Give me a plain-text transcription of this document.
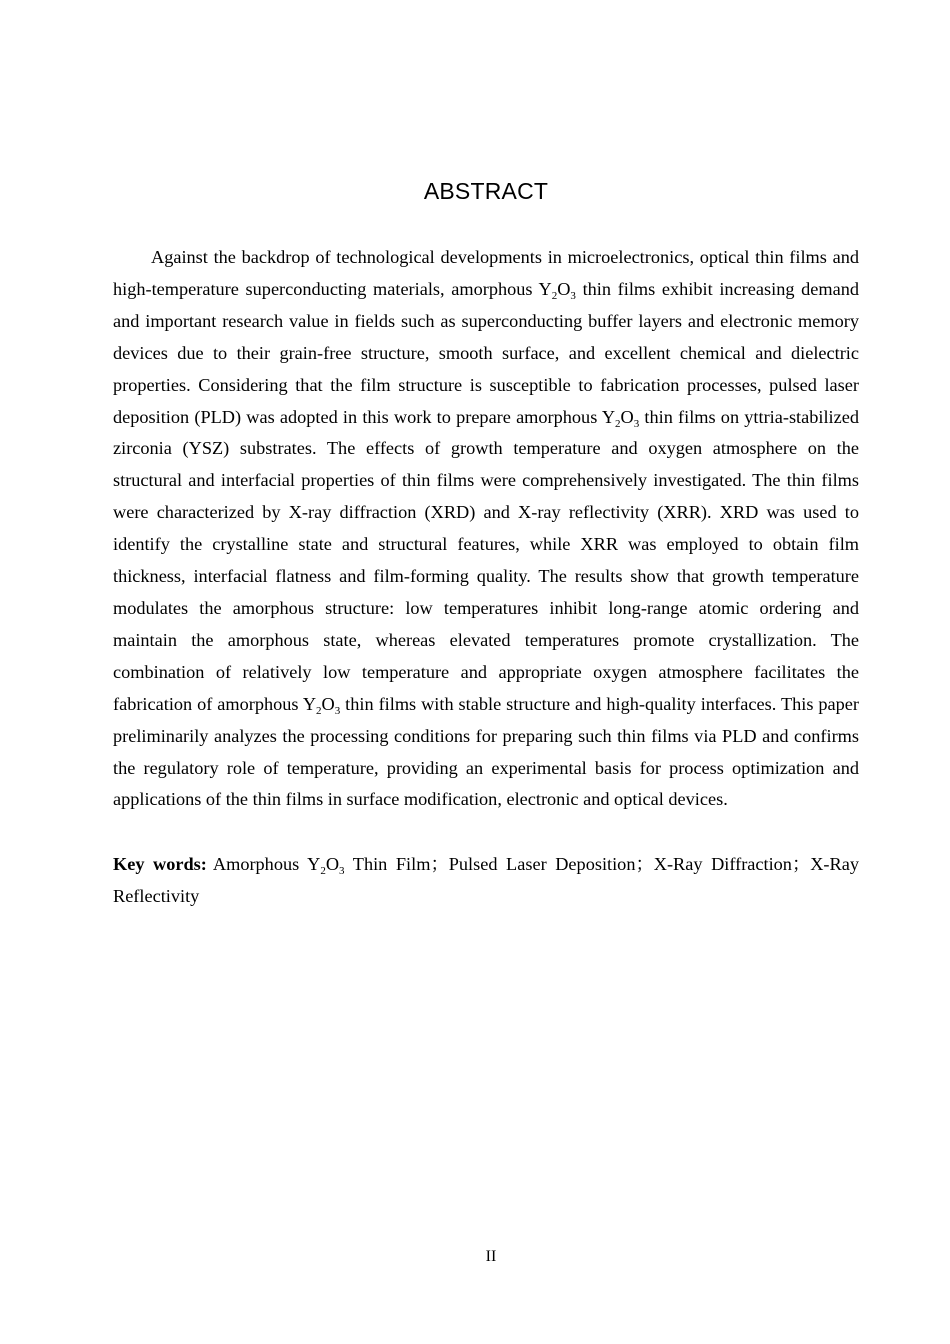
ABSTRACT

Against the backdrop of technological developments in microelectronics, optical thin films and high-temperature superconducting materials, amorphous $Y_2O_3$ thin films exhibit increasing demand and important research value in fields such as superconducting buffer layers and electronic memory devices due to their grain-free structure, smooth surface, and excellent chemical and dielectric properties. Considering that the film structure is susceptible to fabrication processes, pulsed laser deposition (PLD) was adopted in this work to prepare amorphous $Y_2O_3$ thin films on yttria-stabilized zirconia (YSZ) substrates. The effects of growth temperature and oxygen atmosphere on the structural and interfacial properties of thin films were comprehensively investigated. The thin films were characterized by X-ray diffraction (XRD) and X-ray reflectivity (XRR). XRD was used to identify the crystalline state and structural features, while XRR was employed to obtain film thickness, interfacial flatness and film-forming quality. The results show that growth temperature modulates the amorphous structure: low temperatures inhibit long-range atomic ordering and maintain the amorphous state, whereas elevated temperatures promote crystallization. The combination of relatively low temperature and appropriate oxygen atmosphere facilitates the fabrication of amorphous $Y_2O_3$ thin films with stable structure and high-quality interfaces. This paper preliminarily analyzes the processing conditions for preparing such thin films via PLD and confirms the regulatory role of temperature, providing an experimental basis for process optimization and applications of the thin films in surface modification, electronic and optical devices.

Key words: Amorphous $Y_2O_3$ Thin Film；Pulsed Laser Deposition；X-Ray Diffraction；X-Ray Reflectivity

II
